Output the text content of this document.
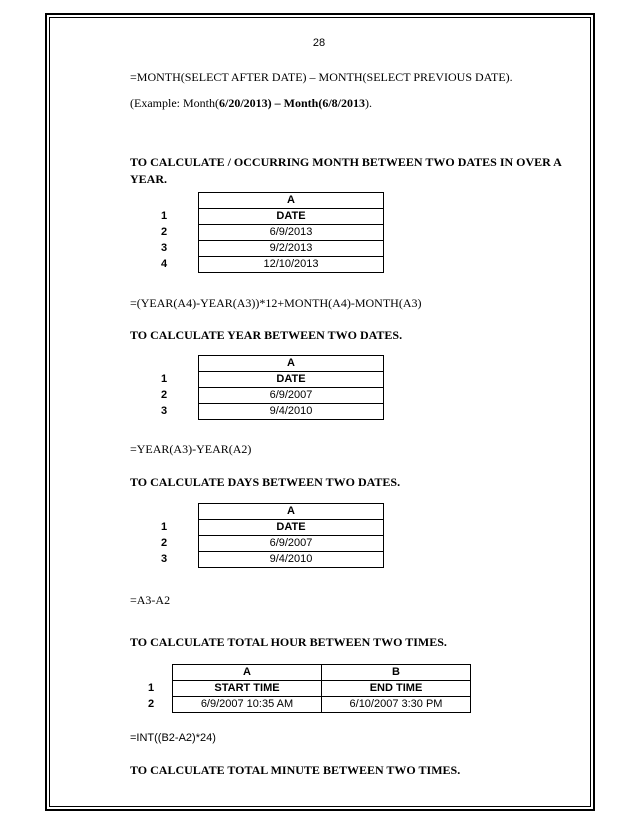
28
=MONTH(SELECT AFTER DATE) – MONTH(SELECT PREVIOUS DATE).
(Example: Month(6/20/2013) – Month(6/8/2013).
TO CALCULATE / OCCURRING MONTH BETWEEN TWO DATES IN OVER A YEAR.
	A
1	DATE
2	6/9/2013
3	9/2/2013
4	12/10/2013
=(YEAR(A4)-YEAR(A3))*12+MONTH(A4)-MONTH(A3)
TO CALCULATE YEAR BETWEEN TWO DATES.
	A
1	DATE
2	6/9/2007
3	9/4/2010
=YEAR(A3)-YEAR(A2)
TO CALCULATE DAYS BETWEEN TWO DATES.
	A
1	DATE
2	6/9/2007
3	9/4/2010
=A3-A2
TO CALCULATE TOTAL HOUR BETWEEN TWO TIMES.
	A	B
1	START TIME	END TIME
2	6/9/2007 10:35 AM	6/10/2007 3:30 PM
=INT((B2-A2)*24)
TO CALCULATE TOTAL MINUTE BETWEEN TWO TIMES.
